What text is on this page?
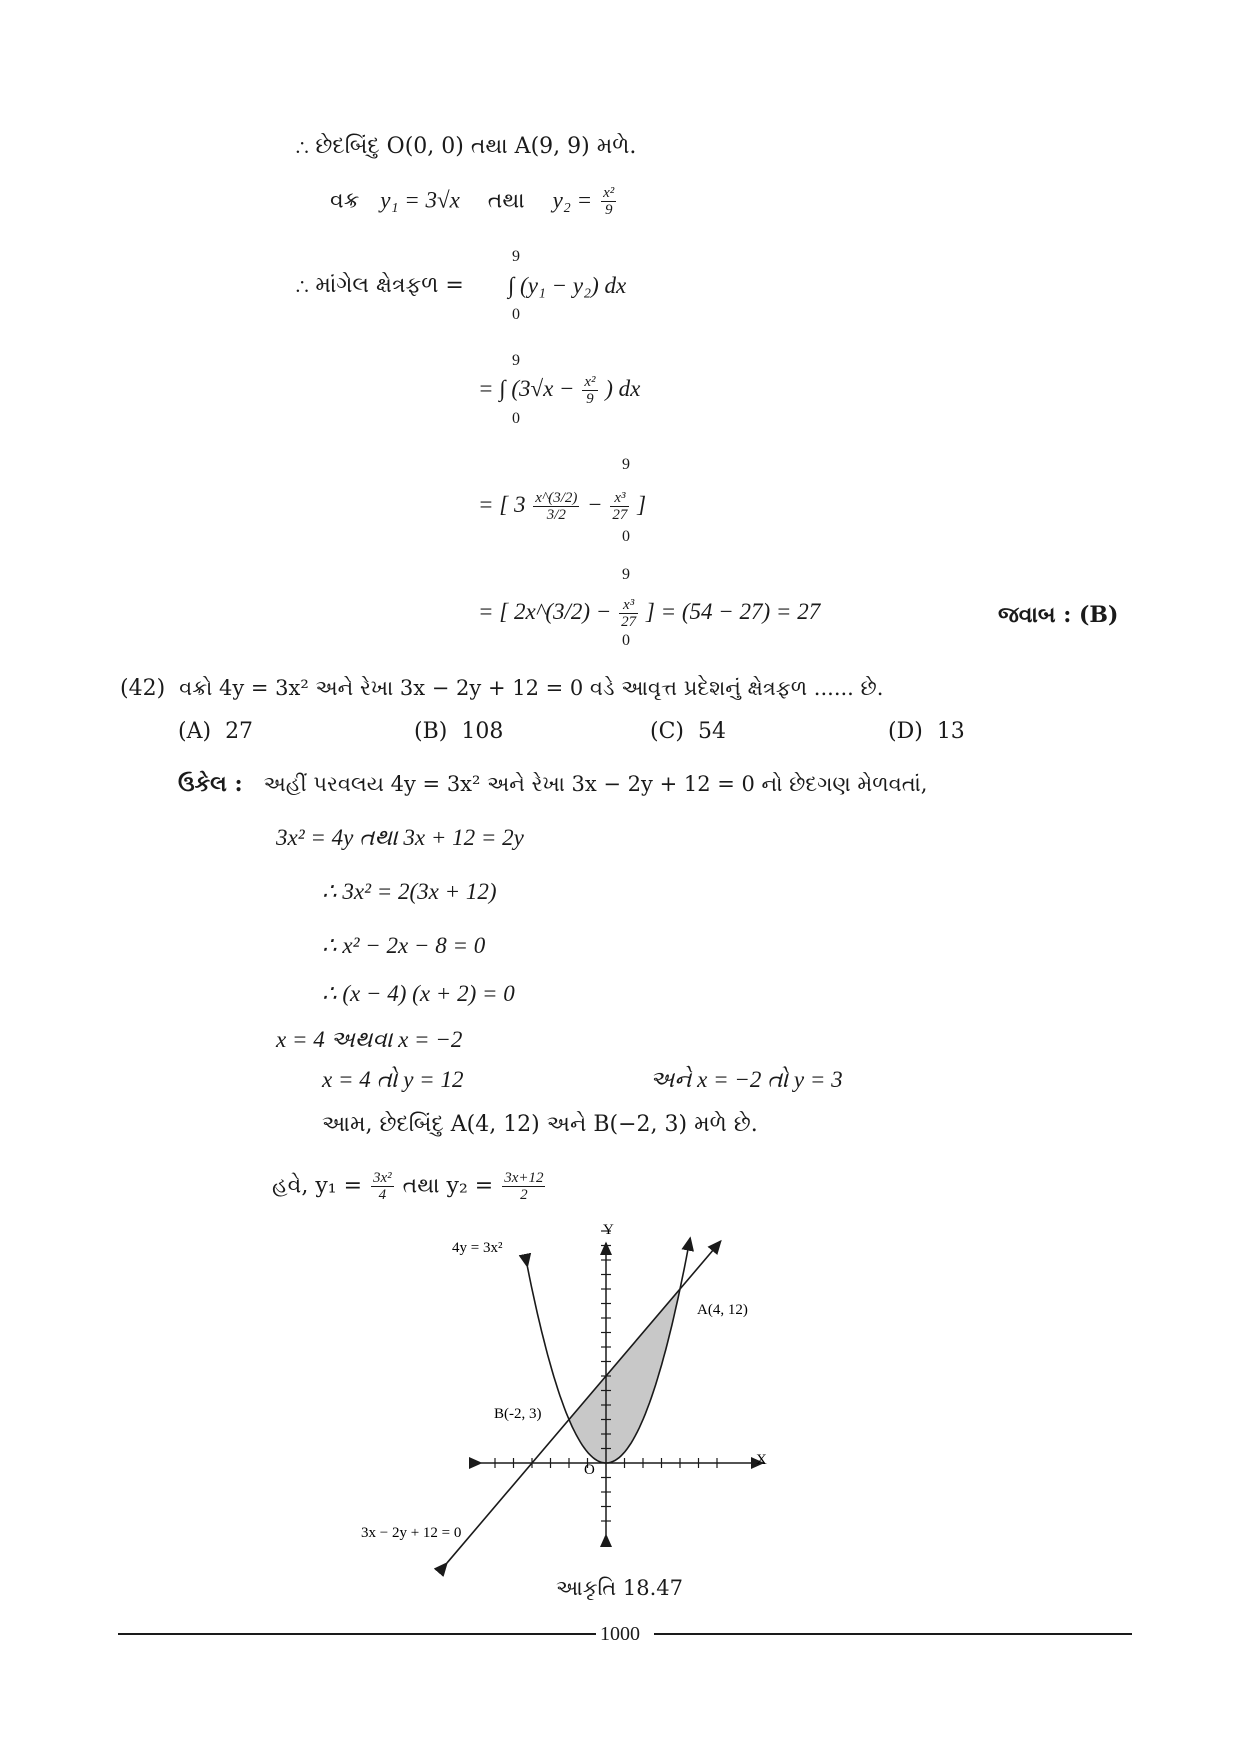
∴ છેદબિંદુ O(0, 0) તથા A(9, 9) મળે.
વક્ર y₁ = 3√x તથા $y_2 = \frac{\text{x²}}{9}$
∴ માંગેલ ક્ષેત્રફળ =
9
∫ (y₁ − y₂) dx
0
9
= ∫ ($3√x - \frac{\text{x²}}{9}$ ) dx
0
= [ $3 \frac{x\^{}(3/2)}{3/2} - \frac{\text{x³}}{27}$ ]
9
0
= [ 2x^(3/2) − $\frac{\text{x³}}{27}$ ] = (54 − 27) = 27
9
0
જવાબ : (B)
(42) વક્રો 4y = 3x² અને રેખા 3x − 2y + 12 = 0 વડે આવૃત્ત પ્રદેશનું ક્ષેત્રફળ ...... છે.
(A) 27	(B) 108	(C) 54	(D) 13
ઉકેલ : અહીં પરવલય 4y = 3x² અને રેખા 3x − 2y + 12 = 0 નો છેદગણ મેળવતાં,
3x² = 4y તથા 3x + 12 = 2y
∴ 3x² = 2(3x + 12)
∴ x² − 2x − 8 = 0
∴ (x − 4) (x + 2) = 0
x = 4 અથવા x = −2
x = 4 તો y = 12	અને x = −2 તો y = 3
આમ, છેદબિંદુ A(4, 12) અને B(−2, 3) મળે છે.
હવે, $y_1 = \frac{\text{3x²}}{4}$ તથા $y_2 = \frac{3x+12}{2}$
Y
X
O
4y = 3x²
3x − 2y + 12 = 0
A(4, 12)
B(-2, 3)
આકૃતિ 18.47
1000
